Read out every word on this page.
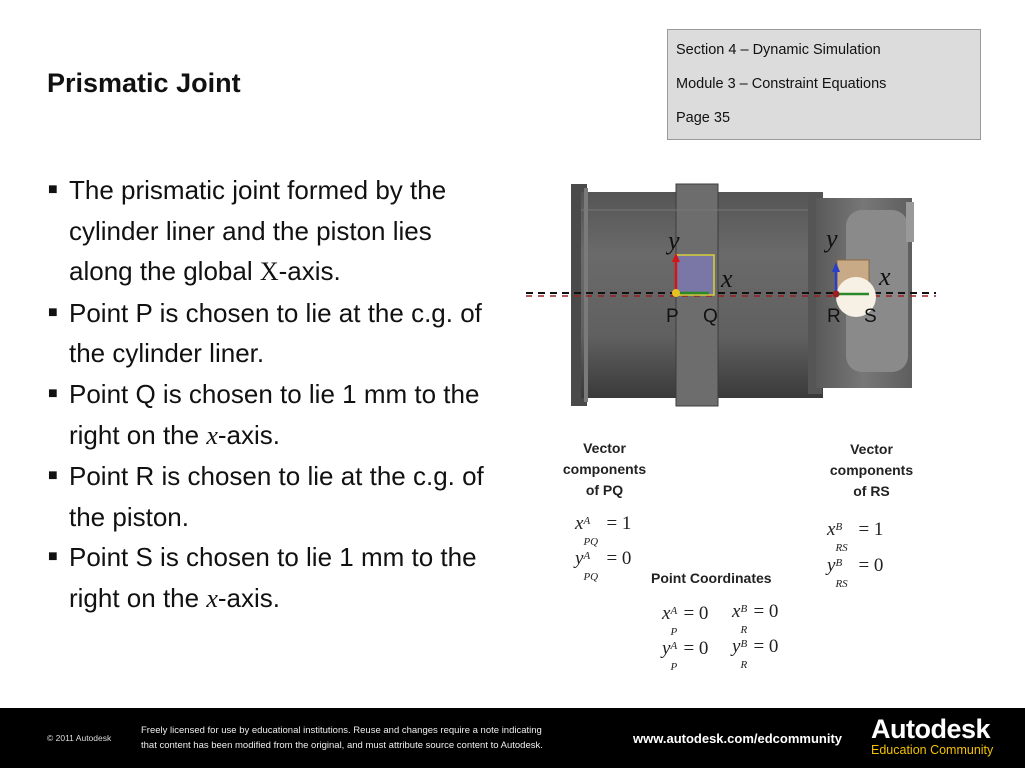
Prismatic Joint
Section 4 – Dynamic Simulation
Module 3 – Constraint Equations
Page 35
■ The prismatic joint formed by the cylinder liner and the piston lies along the global X-axis.
■ Point P is chosen to lie at the c.g. of the cylinder liner.
■ Point Q is chosen to lie 1 mm to the right on the x-axis.
■ Point R is chosen to lie at the c.g. of the piston.
■ Point S is chosen to lie 1 mm to the right on the x-axis.
y
x
y
x
P Q	R S
Vector
components
of PQ
Vector
components
of RS
x A
PQ
= 1
y A
PQ
= 0
x B
RS
= 1
y B
RS
= 0
Point Coordinates
x A
P
= 0 x B
R
= 0
y A
P
= 0 y B
R
= 0
© 2011 Autodesk
Freely licensed for use by educational institutions. Reuse and changes require a note indicating
that content has been modified from the original, and must attribute source content to Autodesk.	www.autodesk.com/edcommunity Autodesk
Education Community
